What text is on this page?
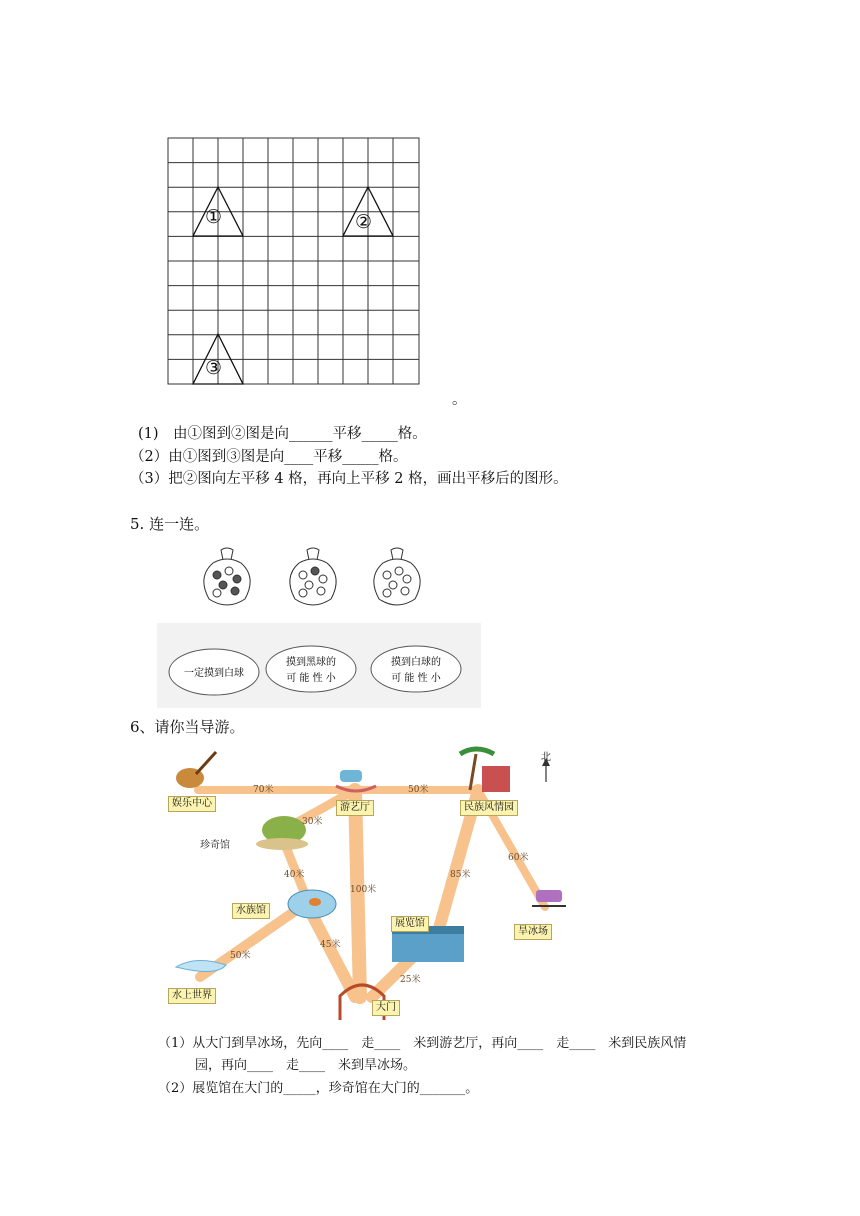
①	②
③
。
(1)　由①图到②图是向______平移_____格。
（2）由①图到③图是向____平移_____格。
（3）把②图向左平移 4 格，再向上平移 2 格，画出平移后的图形。
5. 连一连。
一定摸到白球
摸到黑球的
可 能 性 小
摸到白球的
可 能 性 小
6、请你当导游。
北
娱乐中心	游艺厅	民族风情园
珍奇馆
水族馆
水上世界
展览馆
大门
旱冰场
70米	50米
30米
40米
100米
85米
60米
50米
45米
25米
（1）从大门到旱冰场，先向____　走____　米到游艺厅，再向____　走____　米到民族风情
园，再向____　走____　米到旱冰场。
（2）展览馆在大门的_____，珍奇馆在大门的_______。
